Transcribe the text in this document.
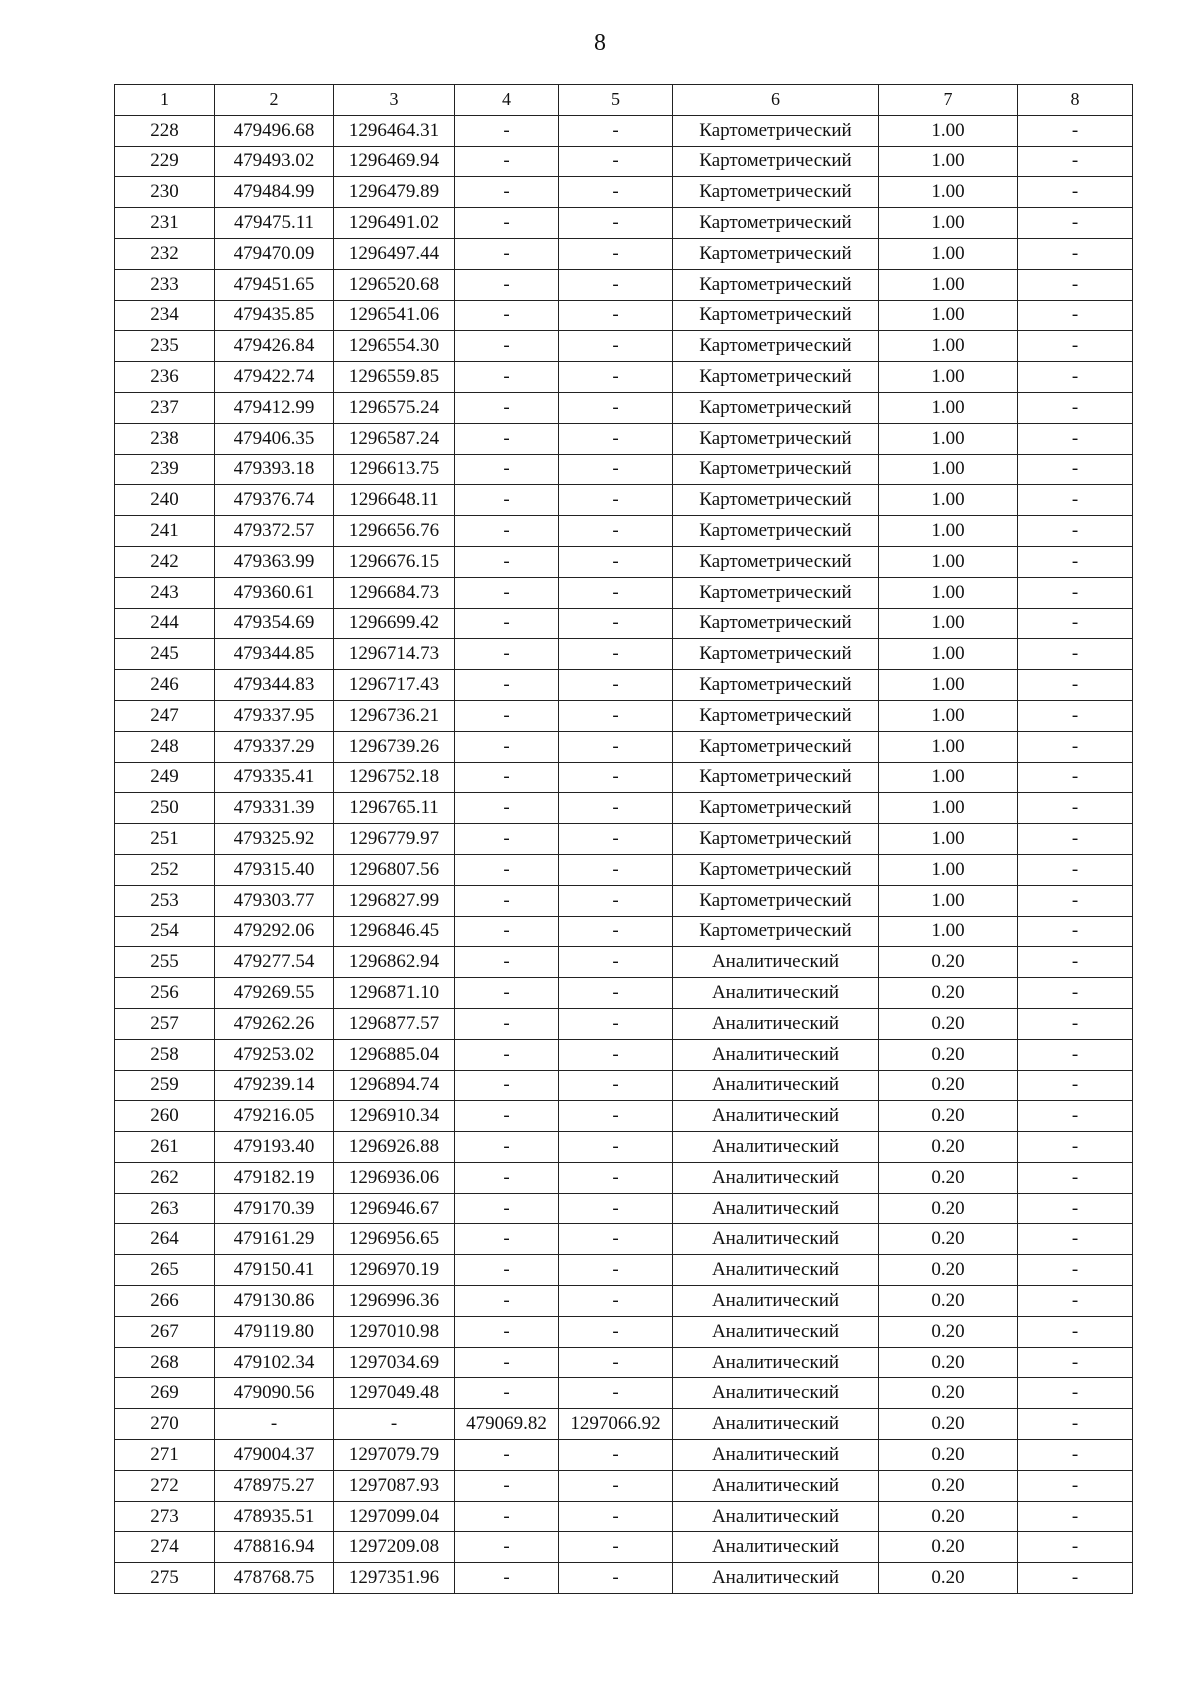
8
1	2	3	4	5	6	7	8
228	479496.68	1296464.31	-	-	Картометрический	1.00	-
229	479493.02	1296469.94	-	-	Картометрический	1.00	-
230	479484.99	1296479.89	-	-	Картометрический	1.00	-
231	479475.11	1296491.02	-	-	Картометрический	1.00	-
232	479470.09	1296497.44	-	-	Картометрический	1.00	-
233	479451.65	1296520.68	-	-	Картометрический	1.00	-
234	479435.85	1296541.06	-	-	Картометрический	1.00	-
235	479426.84	1296554.30	-	-	Картометрический	1.00	-
236	479422.74	1296559.85	-	-	Картометрический	1.00	-
237	479412.99	1296575.24	-	-	Картометрический	1.00	-
238	479406.35	1296587.24	-	-	Картометрический	1.00	-
239	479393.18	1296613.75	-	-	Картометрический	1.00	-
240	479376.74	1296648.11	-	-	Картометрический	1.00	-
241	479372.57	1296656.76	-	-	Картометрический	1.00	-
242	479363.99	1296676.15	-	-	Картометрический	1.00	-
243	479360.61	1296684.73	-	-	Картометрический	1.00	-
244	479354.69	1296699.42	-	-	Картометрический	1.00	-
245	479344.85	1296714.73	-	-	Картометрический	1.00	-
246	479344.83	1296717.43	-	-	Картометрический	1.00	-
247	479337.95	1296736.21	-	-	Картометрический	1.00	-
248	479337.29	1296739.26	-	-	Картометрический	1.00	-
249	479335.41	1296752.18	-	-	Картометрический	1.00	-
250	479331.39	1296765.11	-	-	Картометрический	1.00	-
251	479325.92	1296779.97	-	-	Картометрический	1.00	-
252	479315.40	1296807.56	-	-	Картометрический	1.00	-
253	479303.77	1296827.99	-	-	Картометрический	1.00	-
254	479292.06	1296846.45	-	-	Картометрический	1.00	-
255	479277.54	1296862.94	-	-	Аналитический	0.20	-
256	479269.55	1296871.10	-	-	Аналитический	0.20	-
257	479262.26	1296877.57	-	-	Аналитический	0.20	-
258	479253.02	1296885.04	-	-	Аналитический	0.20	-
259	479239.14	1296894.74	-	-	Аналитический	0.20	-
260	479216.05	1296910.34	-	-	Аналитический	0.20	-
261	479193.40	1296926.88	-	-	Аналитический	0.20	-
262	479182.19	1296936.06	-	-	Аналитический	0.20	-
263	479170.39	1296946.67	-	-	Аналитический	0.20	-
264	479161.29	1296956.65	-	-	Аналитический	0.20	-
265	479150.41	1296970.19	-	-	Аналитический	0.20	-
266	479130.86	1296996.36	-	-	Аналитический	0.20	-
267	479119.80	1297010.98	-	-	Аналитический	0.20	-
268	479102.34	1297034.69	-	-	Аналитический	0.20	-
269	479090.56	1297049.48	-	-	Аналитический	0.20	-
270	-	-	479069.82	1297066.92	Аналитический	0.20	-
271	479004.37	1297079.79	-	-	Аналитический	0.20	-
272	478975.27	1297087.93	-	-	Аналитический	0.20	-
273	478935.51	1297099.04	-	-	Аналитический	0.20	-
274	478816.94	1297209.08	-	-	Аналитический	0.20	-
275	478768.75	1297351.96	-	-	Аналитический	0.20	-
